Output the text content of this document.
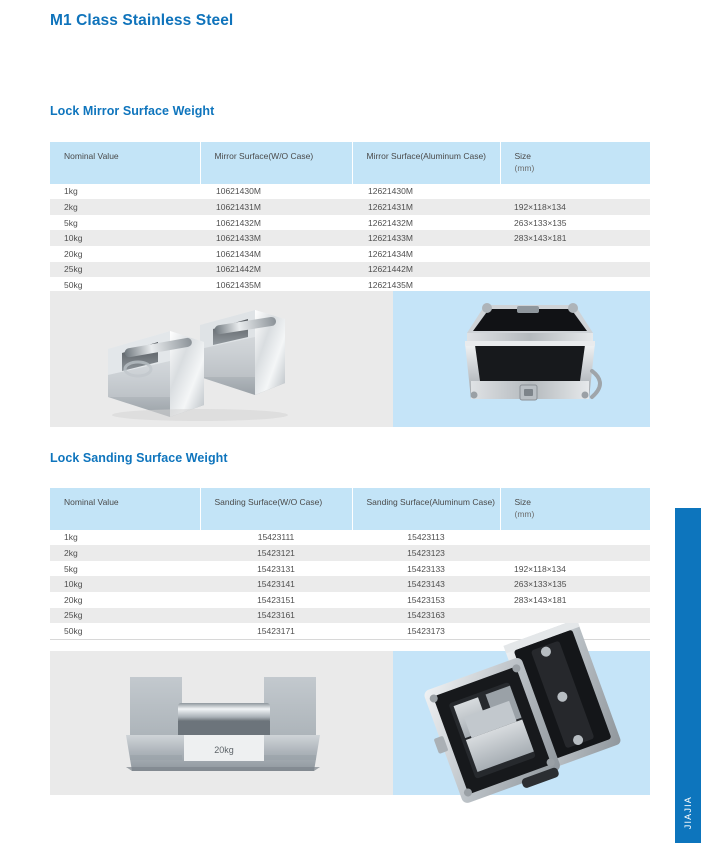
M1 Class Stainless Steel
Lock Mirror Surface Weight
Nominal Value	Mirror Surface(W/O Case)	Mirror Surface(Aluminum Case)	Size
(mm)

1kg	10621430M	12621430M	
2kg	10621431M	12621431M	192×118×134
5kg	10621432M	12621432M	263×133×135
10kg	10621433M	12621433M	283×143×181
20kg	10621434M	12621434M	
25kg	10621442M	12621442M	
50kg	10621435M	12621435M	
Lock Sanding Surface Weight
Nominal Value	Sanding Surface(W/O Case)	Sanding Surface(Aluminum Case)	Size
(mm)

1kg	15423111	15423113	
2kg	15423121	15423123	
5kg	15423131	15423133	192×118×134
10kg	15423141	15423143	263×133×135
20kg	15423151	15423153	283×143×181
25kg	15423161	15423163	
50kg	15423171	15423173	
20kg
JIAJIA
